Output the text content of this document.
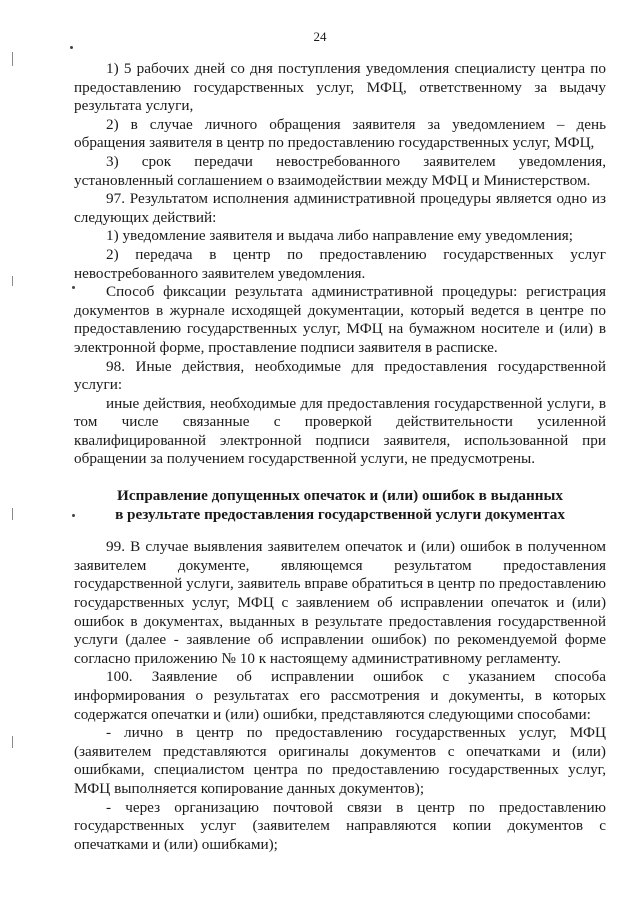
24

1) 5 рабочих дней со дня поступления уведомления специалисту центра по предоставлению государственных услуг, МФЦ, ответственному за выдачу результата услуги,

2) в случае личного обращения заявителя за уведомлением – день обращения заявителя в центр по предоставлению государственных услуг, МФЦ,

3) срок передачи невостребованного заявителем уведомления, установленный соглашением о взаимодействии между МФЦ и Министерством.

97. Результатом исполнения административной процедуры является одно из следующих действий:

1) уведомление заявителя и выдача либо направление ему уведомления;

2) передача в центр по предоставлению государственных услуг невостребованного заявителем уведомления.

Способ фиксации результата административной процедуры: регистрация документов в журнале исходящей документации, который ведется в центре по предоставлению государственных услуг, МФЦ на бумажном носителе и (или) в электронной форме, проставление подписи заявителя в расписке.

98. Иные действия, необходимые для предоставления государственной услуги:

иные действия, необходимые для предоставления государственной услуги, в том числе связанные с проверкой действительности усиленной квалифицированной электронной подписи заявителя, использованной при обращении за получением государственной услуги, не предусмотрены.

Исправление допущенных опечаток и (или) ошибок в выданных
в результате предоставления государственной услуги документах

99. В случае выявления заявителем опечаток и (или) ошибок в полученном заявителем документе, являющемся результатом предоставления государственной услуги, заявитель вправе обратиться в центр по предоставлению государственных услуг, МФЦ с заявлением об исправлении опечаток и (или) ошибок в документах, выданных в результате предоставления государственной услуги (далее - заявление об исправлении ошибок) по рекомендуемой форме согласно приложению № 10 к настоящему административному регламенту.

100. Заявление об исправлении ошибок с указанием способа информирования о результатах его рассмотрения и документы, в которых содержатся опечатки и (или) ошибки, представляются следующими способами:

- лично в центр по предоставлению государственных услуг, МФЦ (заявителем представляются оригиналы документов с опечатками и (или) ошибками, специалистом центра по предоставлению государственных услуг, МФЦ выполняется копирование данных документов);

- через организацию почтовой связи в центр по предоставлению государственных услуг (заявителем направляются копии документов с опечатками и (или) ошибками);
